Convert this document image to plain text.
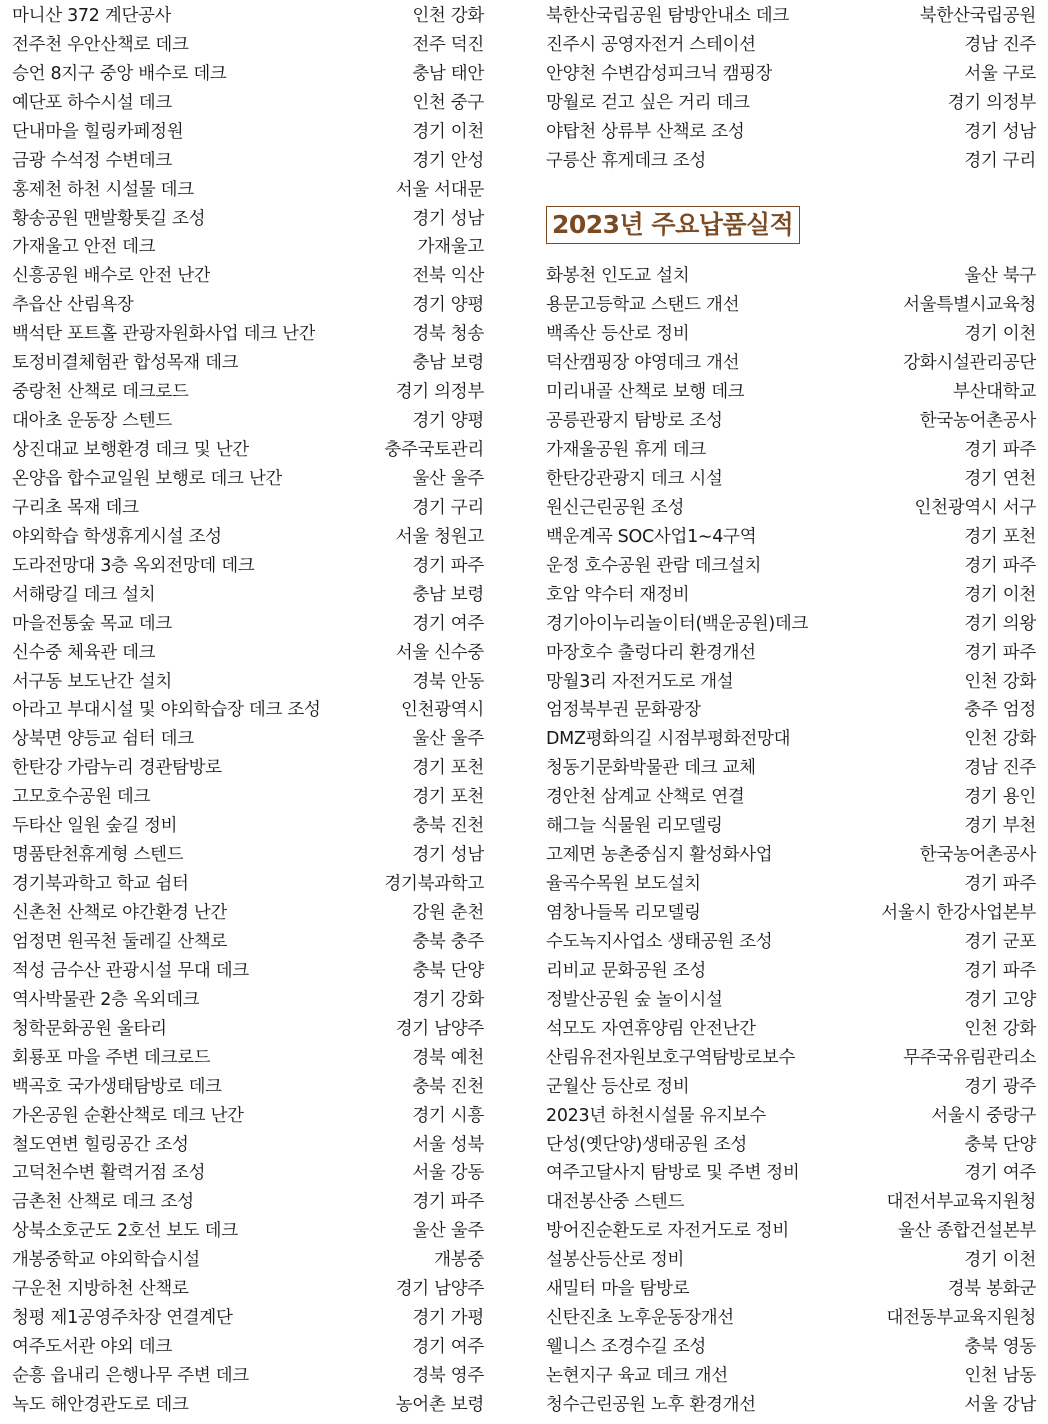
마니산 372 계단공사	인천 강화
전주천 우안산책로 데크	전주 덕진
승언 8지구 중앙 배수로 데크	충남 태안
예단포 하수시설 데크	인천 중구
단내마을 힐링카페정원	경기 이천
금광 수석정 수변데크	경기 안성
홍제천 하천 시설물 데크	서울 서대문
황송공원 맨발황톳길 조성	경기 성남
가재울고 안전 데크	가재울고
신흥공원 배수로 안전 난간	전북 익산
추읍산 산림욕장	경기 양평
백석탄 포트홀 관광자원화사업 데크 난간	경북 청송
토정비결체험관 합성목재 데크	충남 보령
중랑천 산책로 데크로드	경기 의정부
대아초 운동장 스텐드	경기 양평
상진대교 보행환경 데크 및 난간	충주국토관리
온양읍 합수교일원 보행로 데크 난간	울산 울주
구리초 목재 데크	경기 구리
야외학습 학생휴게시설 조성	서울 청원고
도라전망대 3층 옥외전망데 데크	경기 파주
서해랑길 데크 설치	충남 보령
마을전통숲 목교 데크	경기 여주
신수중 체육관 데크	서울 신수중
서구동 보도난간 설치	경북 안동
아라고 부대시설 및 야외학습장 데크 조성	인천광역시
상북면 양등교 쉼터 데크	울산 울주
한탄강 가람누리 경관탐방로	경기 포천
고모호수공원 데크	경기 포천
두타산 일원 숲길 정비	충북 진천
명품탄천휴게형 스텐드	경기 성남
경기북과학고 학교 쉼터	경기북과학고
신촌천 산책로 야간환경 난간	강원 춘천
엄정면 원곡천 둘레길 산책로	충북 충주
적성 금수산 관광시설 무대 데크	충북 단양
역사박물관 2층 옥외데크	경기 강화
청학문화공원 울타리	경기 남양주
회룡포 마을 주변 데크로드	경북 예천
백곡호 국가생태탐방로 데크	충북 진천
가온공원 순환산책로 데크 난간	경기 시흥
철도연변 힐링공간 조성	서울 성북
고덕천수변 활력거점 조성	서울 강동
금촌천 산책로 데크 조성	경기 파주
상북소호군도 2호선 보도 데크	울산 울주
개봉중학교 야외학습시설	개봉중
구운천 지방하천 산책로	경기 남양주
청평 제1공영주차장 연결계단	경기 가평
여주도서관 야외 데크	경기 여주
순흥 읍내리 은행나무 주변 데크	경북 영주
녹도 해안경관도로 데크	농어촌 보령
북한산국립공원 탐방안내소 데크	북한산국립공원
진주시 공영자전거 스테이션	경남 진주
안양천 수변감성피크닉 캠핑장	서울 구로
망월로 걷고 싶은 거리 데크	경기 의정부
야탑천 상류부 산책로 조성	경기 성남
구릉산 휴게데크 조성	경기 구리
2023년 주요납품실적
화봉천 인도교 설치	울산 북구
용문고등학교 스탠드 개선	서울특별시교육청
백족산 등산로 정비	경기 이천
덕산캠핑장 야영데크 개선	강화시설관리공단
미리내골 산책로 보행 데크	부산대학교
공릉관광지 탐방로 조성	한국농어촌공사
가재울공원 휴게 데크	경기 파주
한탄강관광지 데크 시설	경기 연천
원신근린공원 조성	인천광역시 서구
백운계곡 SOC사업1∼4구역	경기 포천
운정 호수공원 관람 데크설치	경기 파주
호암 약수터 재정비	경기 이천
경기아이누리놀이터(백운공원)데크	경기 의왕
마장호수 출렁다리 환경개선	경기 파주
망월3리 자전거도로 개설	인천 강화
엄정북부권 문화광장	충주 엄정
DMZ평화의길 시점부평화전망대	인천 강화
청동기문화박물관 데크 교체	경남 진주
경안천 삼계교 산책로 연결	경기 용인
해그늘 식물원 리모델링	경기 부천
고제면 농촌중심지 활성화사업	한국농어촌공사
율곡수목원 보도설치	경기 파주
염창나들목 리모델링	서울시 한강사업본부
수도녹지사업소 생태공원 조성	경기 군포
리비교 문화공원 조성	경기 파주
정발산공원 숲 놀이시설	경기 고양
석모도 자연휴양림 안전난간	인천 강화
산림유전자원보호구역탐방로보수	무주국유림관리소
군월산 등산로 정비	경기 광주
2023년 하천시설물 유지보수	서울시 중랑구
단성(옛단양)생태공원 조성	충북 단양
여주고달사지 탐방로 및 주변 정비	경기 여주
대전봉산중 스텐드	대전서부교육지원청
방어진순환도로 자전거도로 정비	울산 종합건설본부
설봉산등산로 정비	경기 이천
새밀터 마을 탐방로	경북 봉화군
신탄진초 노후운동장개선	대전동부교육지원청
웰니스 조경수길 조성	충북 영동
논현지구 육교 데크 개선	인천 남동
청수근린공원 노후 환경개선	서울 강남
